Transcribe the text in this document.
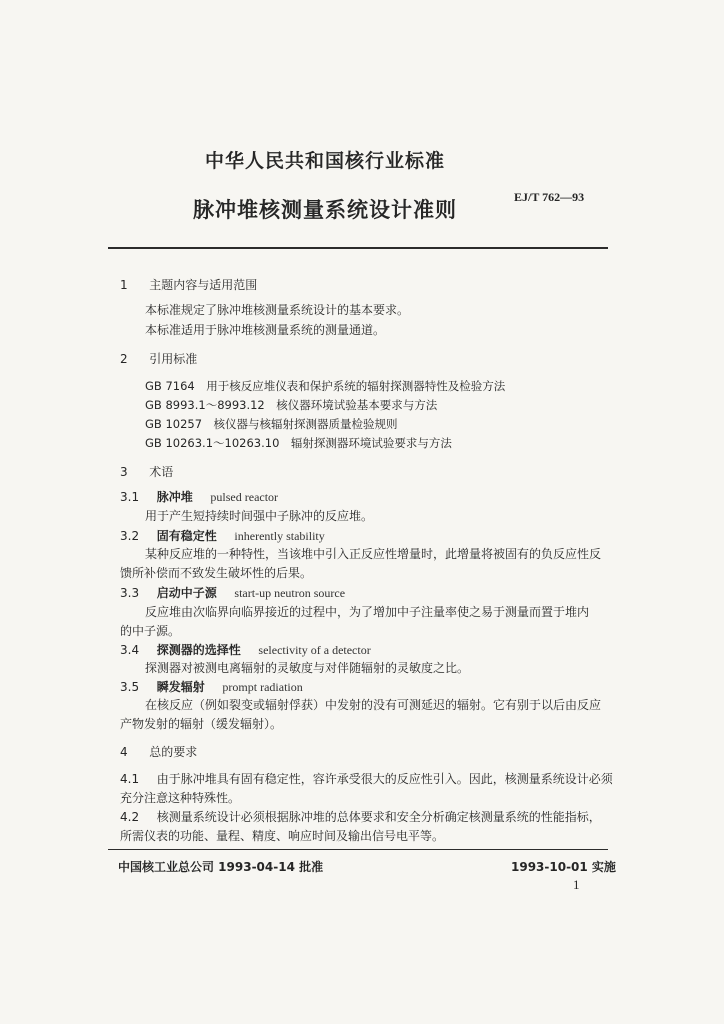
中华人民共和国核行业标准
EJ/T 762—93
脉冲堆核测量系统设计准则
1 主题内容与适用范围
本标准规定了脉冲堆核测量系统设计的基本要求。
本标准适用于脉冲堆核测量系统的测量通道。
2 引用标准
GB 7164　用于核反应堆仪表和保护系统的辐射探测器特性及检验方法
GB 8993.1～8993.12　核仪器环境试验基本要求与方法
GB 10257　核仪器与核辐射探测器质量检验规则
GB 10263.1～10263.10　辐射探测器环境试验要求与方法
3 术语
3.1 脉冲堆 pulsed reactor
用于产生短持续时间强中子脉冲的反应堆。
3.2 固有稳定性 inherently stability
某种反应堆的一种特性，当该堆中引入正反应性增量时，此增量将被固有的负反应性反
馈所补偿而不致发生破坏性的后果。
3.3 启动中子源 start-up neutron source
反应堆由次临界向临界接近的过程中，为了增加中子注量率使之易于测量而置于堆内
的中子源。
3.4 探测器的选择性 selectivity of a detector
探测器对被测电离辐射的灵敏度与对伴随辐射的灵敏度之比。
3.5 瞬发辐射 prompt radiation
在核反应（例如裂变或辐射俘获）中发射的没有可测延迟的辐射。它有别于以后由反应
产物发射的辐射（缓发辐射）。
4 总的要求
4.1 由于脉冲堆具有固有稳定性，容许承受很大的反应性引入。因此，核测量系统设计必须
充分注意这种特殊性。
4.2 核测量系统设计必须根据脉冲堆的总体要求和安全分析确定核测量系统的性能指标，
所需仪表的功能、量程、精度、响应时间及输出信号电平等。
中国核工业总公司 1993-04-14 批准	1993-10-01 实施
1
